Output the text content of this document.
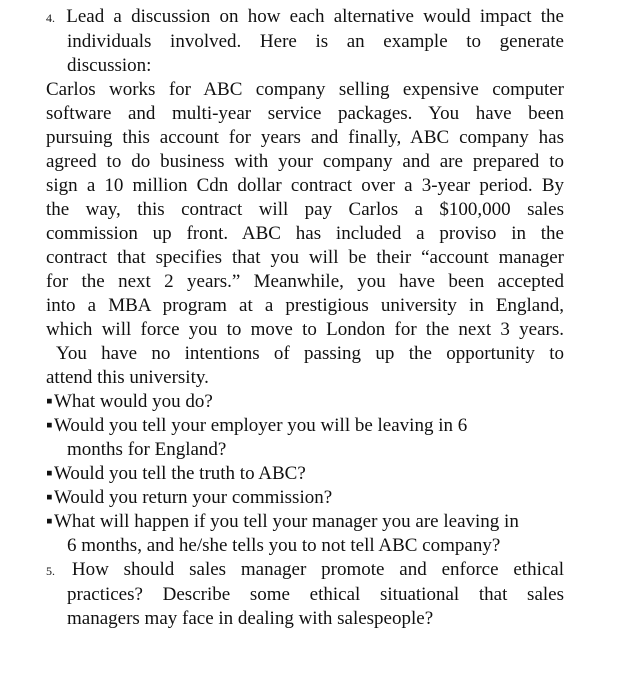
4. Lead a discussion on how each alternative would impact the
individuals involved. Here is an example to generate
discussion:
Carlos works for ABC company selling expensive computer
software and multi-year service packages. You have been
pursuing this account for years and finally, ABC company has
agreed to do business with your company and are prepared to
sign a 10 million Cdn dollar contract over a 3-year period. By
the way, this contract will pay Carlos a $100,000 sales
commission up front. ABC has included a proviso in the
contract that specifies that you will be their “account manager
for the next 2 years.” Meanwhile, you have been accepted
into a MBA program at a prestigious university in England,
which will force you to move to London for the next 3 years.
You have no intentions of passing up the opportunity to
attend this university.
▪What would you do?
▪Would you tell your employer you will be leaving in 6
months for England?
▪Would you tell the truth to ABC?
▪Would you return your commission?
▪What will happen if you tell your manager you are leaving in
6 months, and he/she tells you to not tell ABC company?
5. How should sales manager promote and enforce ethical
practices? Describe some ethical situational that sales
managers may face in dealing with salespeople?
